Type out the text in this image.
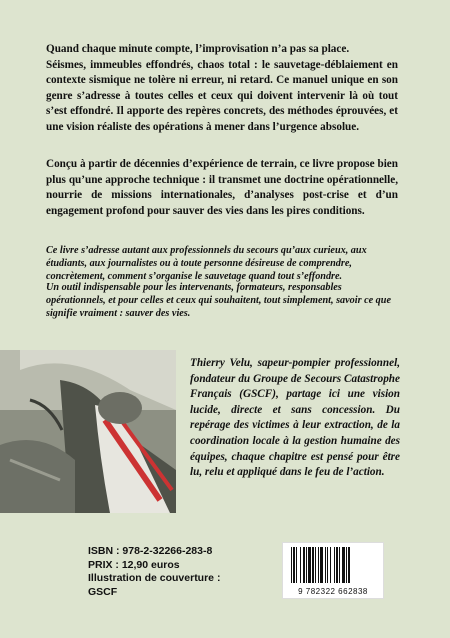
Quand chaque minute compte, l’improvisation n’a pas sa place.
Séismes, immeubles effondrés, chaos total : le sauvetage-déblaiement en contexte sismique ne tolère ni erreur, ni retard. Ce manuel unique en son genre s’adresse à toutes celles et ceux qui doivent intervenir là où tout s’est effondré. Il apporte des repères concrets, des méthodes éprouvées, et une vision réaliste des opérations à mener dans l’urgence absolue.

Conçu à partir de décennies d’expérience de terrain, ce livre propose bien plus qu’une approche technique : il transmet une doctrine opérationnelle, nourrie de missions internationales, d’analyses post-crise et d’un engagement profond pour sauver des vies dans les pires conditions.

Ce livre s’adresse autant aux professionnels du secours qu’aux curieux, aux étudiants, aux journalistes ou à toute personne désireuse de comprendre, concrètement, comment s’organise le sauvetage quand tout s’effondre.

Un outil indispensable pour les intervenants, formateurs, responsables opérationnels, et pour celles et ceux qui souhaitent, tout simplement, savoir ce que signifie vraiment : sauver des vies.

Thierry Velu, sapeur-pompier professionnel, fondateur du Groupe de Secours Catastrophe Français (GSCF), partage ici une vision lucide, directe et sans concession. Du repérage des victimes à leur extraction, de la coordination locale à la gestion humaine des équipes, chaque chapitre est pensé pour être lu, relu et appliqué dans le feu de l’action.

ISBN : 978-2-32266-283-8
PRIX : 12,90 euros
Illustration de couverture :
GSCF	9 782322 662838
